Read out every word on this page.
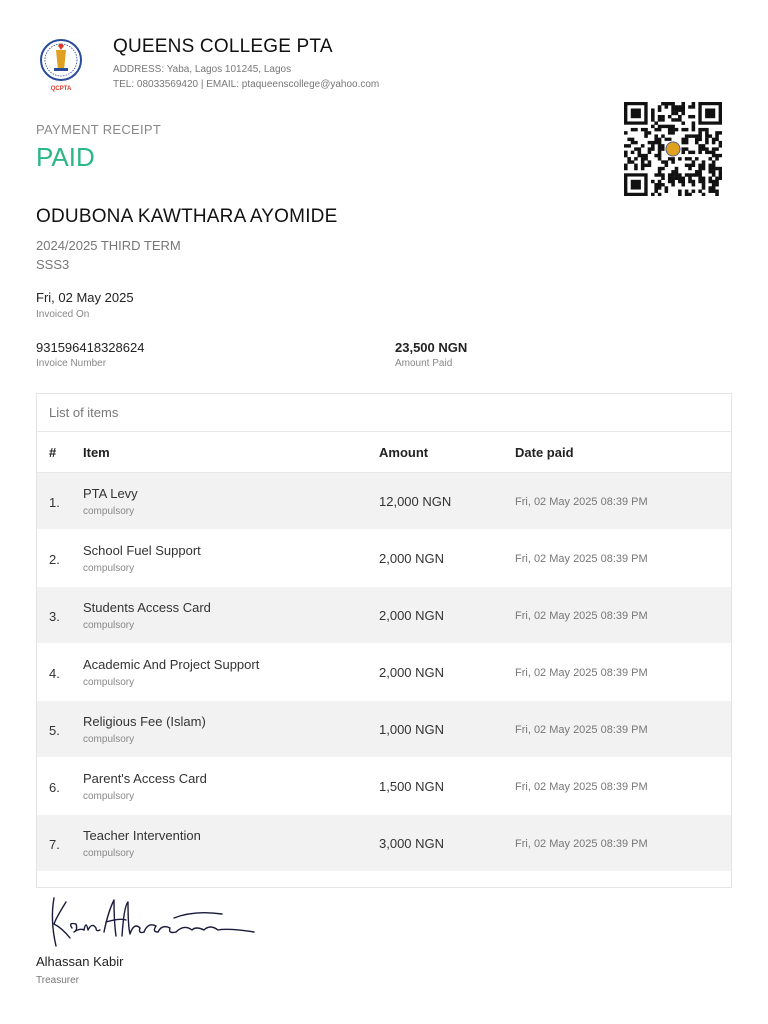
QCPTA
QUEENS COLLEGE PTA
ADDRESS: Yaba, Lagos 101245, Lagos
TEL: 08033569420 | EMAIL: ptaqueenscollege@yahoo.com
PAYMENT RECEIPT
PAID
ODUBONA KAWTHARA AYOMIDE
2024/2025 THIRD TERM
SSS3
Fri, 02 May 2025
Invoiced On
931596418328624
Invoice Number
23,500 NGN
Amount Paid
List of items
# Item	Amount	Date paid
1.
PTA Levy
compulsory
12,000 NGN	Fri, 02 May 2025 08:39 PM
2.
School Fuel Support
compulsory
2,000 NGN	Fri, 02 May 2025 08:39 PM
3.
Students Access Card
compulsory
2,000 NGN	Fri, 02 May 2025 08:39 PM
4.
Academic And Project Support
compulsory
2,000 NGN	Fri, 02 May 2025 08:39 PM
5.
Religious Fee (Islam)
compulsory
1,000 NGN	Fri, 02 May 2025 08:39 PM
6.
Parent's Access Card
compulsory
1,500 NGN	Fri, 02 May 2025 08:39 PM
7.
Teacher Intervention
compulsory
3,000 NGN	Fri, 02 May 2025 08:39 PM
Alhassan Kabir
Treasurer
